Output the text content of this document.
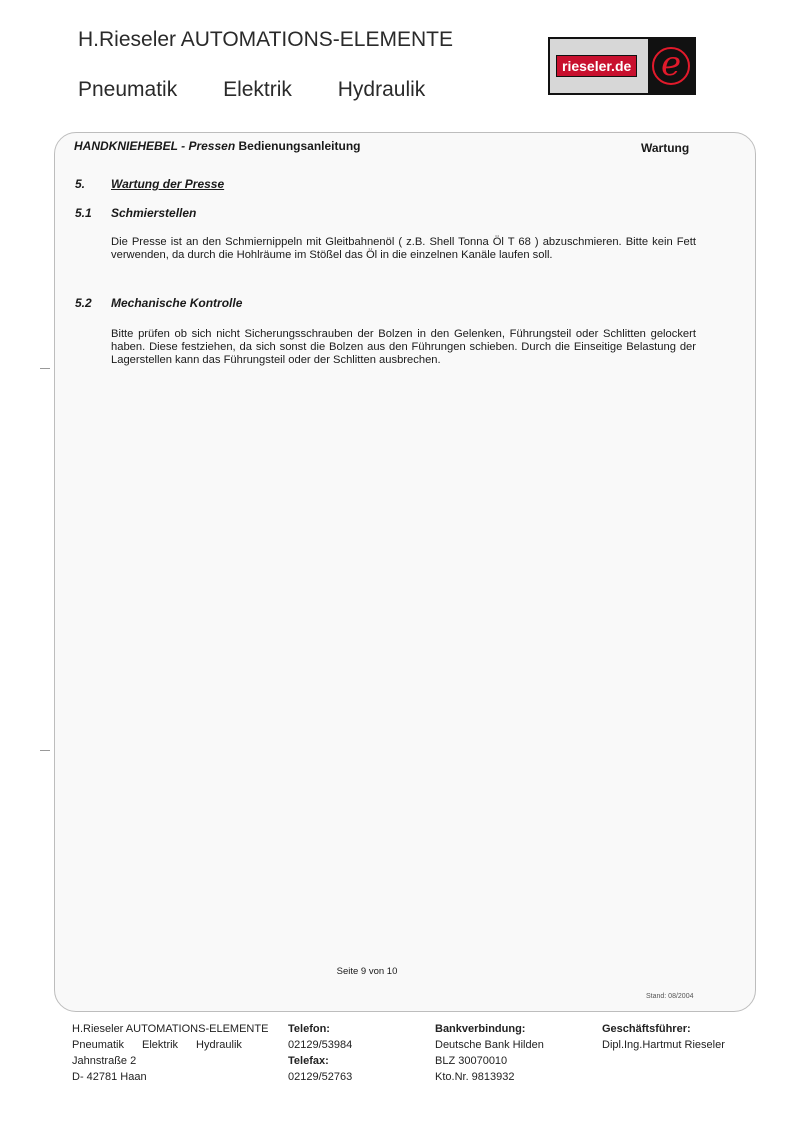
H.Rieseler AUTOMATIONS-ELEMENTE
Pneumatik Elektrik Hydraulik
rieseler.de e
HANDKNIEHEBEL - Pressen Bedienungsanleitung	Wartung
5. Wartung der Presse
5.1 Schmierstellen
Die Presse ist an den Schmiernippeln mit Gleitbahnenöl ( z.B. Shell Tonna Öl T 68 ) abzuschmieren. Bitte kein Fett verwenden, da durch die Hohlräume im Stößel das Öl in die einzelnen Kanäle laufen soll.
5.2 Mechanische Kontrolle
Bitte prüfen ob sich nicht Sicherungsschrauben der Bolzen in den Gelenken, Führungsteil oder Schlitten gelockert haben. Diese festziehen, da sich sonst die Bolzen aus den Führungen schieben. Durch die Einseitige Belastung der Lagerstellen kann das Führungsteil oder der Schlitten ausbrechen.
Seite 9 von 10
Stand: 08/2004
H.Rieseler AUTOMATIONS-ELEMENTE
Pneumatik Elektrik Hydraulik
Jahnstraße 2
D- 42781 Haan
Telefon:
02129/53984
Telefax:
02129/52763
Bankverbindung:
Deutsche Bank Hilden
BLZ 30070010
Kto.Nr. 9813932
Geschäftsführer:
Dipl.Ing.Hartmut Rieseler
